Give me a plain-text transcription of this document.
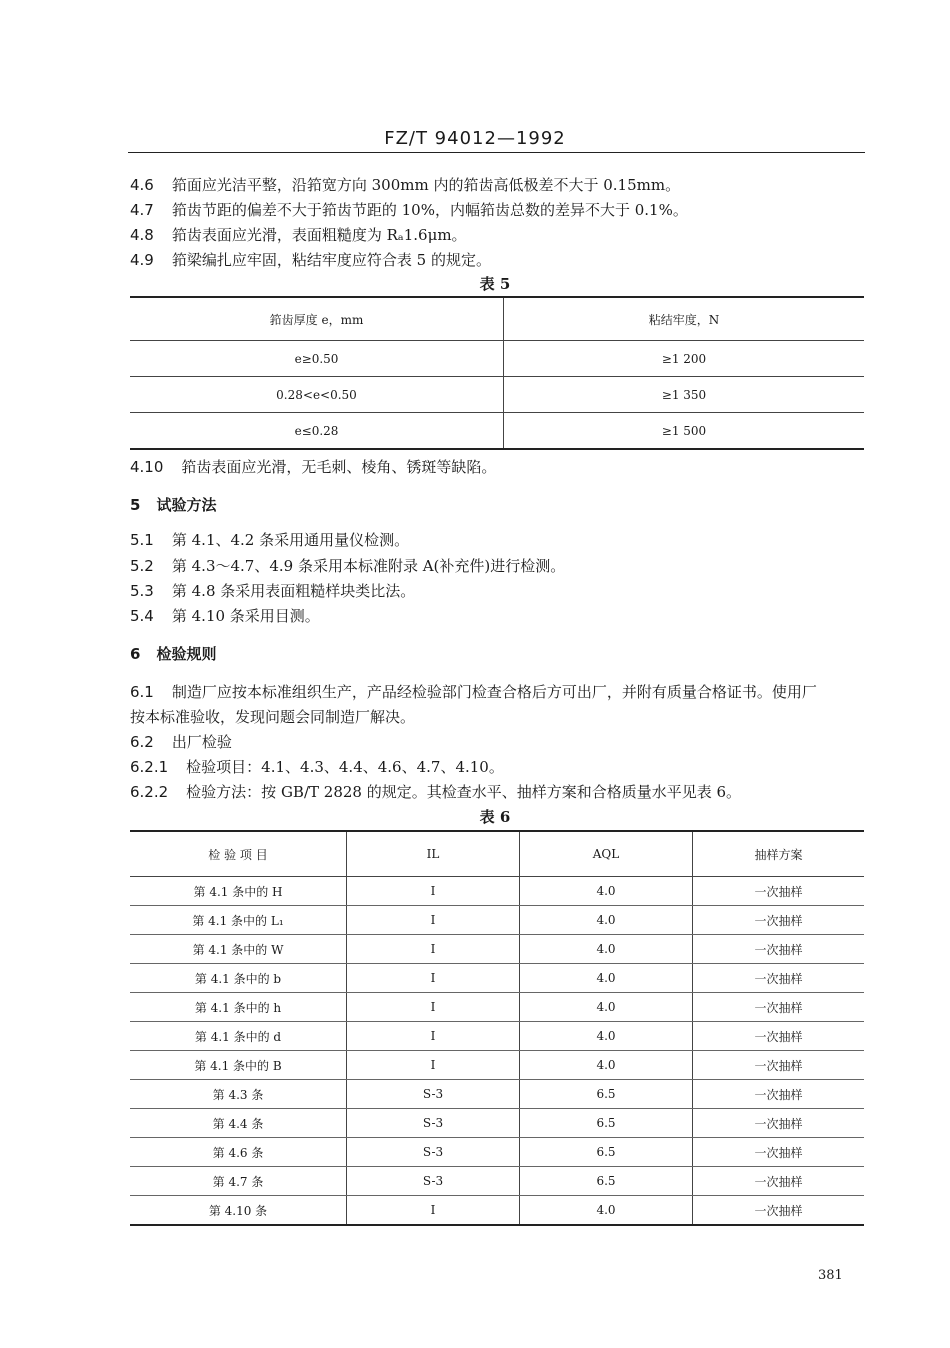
FZ/T 94012—1992
4.6 筘面应光洁平整，沿筘宽方向 300mm 内的筘齿高低极差不大于 0.15mm。
4.7 筘齿节距的偏差不大于筘齿节距的 10%，内幅筘齿总数的差异不大于 0.1%。
4.8 筘齿表面应光滑，表面粗糙度为 Rₐ1.6μm。
4.9 筘梁编扎应牢固，粘结牢度应符合表 5 的规定。
表 5
筘齿厚度 e，mm	粘结牢度，N
e≥0.50	≥1 200
0.28<e<0.50	≥1 350
e≤0.28	≥1 500
4.10 筘齿表面应光滑，无毛刺、棱角、锈斑等缺陷。
5 试验方法
5.1 第 4.1、4.2 条采用通用量仪检测。
5.2 第 4.3～4.7、4.9 条采用本标准附录 A(补充件)进行检测。
5.3 第 4.8 条采用表面粗糙样块类比法。
5.4 第 4.10 条采用目测。
6 检验规则
6.1 制造厂应按本标准组织生产，产品经检验部门检查合格后方可出厂，并附有质量合格证书。使用厂
按本标准验收，发现问题会同制造厂解决。
6.2 出厂检验
6.2.1 检验项目：4.1、4.3、4.4、4.6、4.7、4.10。
6.2.2 检验方法：按 GB/T 2828 的规定。其检查水平、抽样方案和合格质量水平见表 6。
表 6
检 验 项 目	IL	AQL	抽样方案
第 4.1 条中的 H	I	4.0	一次抽样
第 4.1 条中的 L₁	I	4.0	一次抽样
第 4.1 条中的 W	I	4.0	一次抽样
第 4.1 条中的 b	I	4.0	一次抽样
第 4.1 条中的 h	I	4.0	一次抽样
第 4.1 条中的 d	I	4.0	一次抽样
第 4.1 条中的 B	I	4.0	一次抽样
第 4.3 条	S-3	6.5	一次抽样
第 4.4 条	S-3	6.5	一次抽样
第 4.6 条	S-3	6.5	一次抽样
第 4.7 条	S-3	6.5	一次抽样
第 4.10 条	I	4.0	一次抽样
381
